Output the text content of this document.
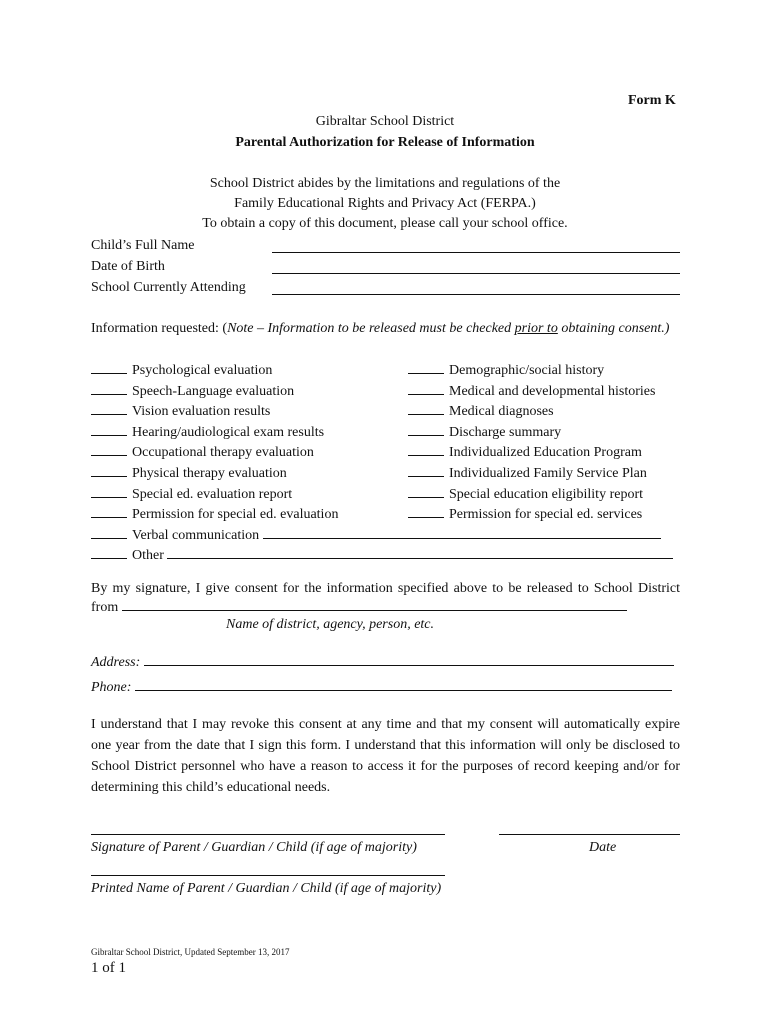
Form K
Gibraltar School District
Parental Authorization for Release of Information
School District abides by the limitations and regulations of the
Family Educational Rights and Privacy Act (FERPA.)
To obtain a copy of this document, please call your school office.
Child’s Full Name
Date of Birth
School Currently Attending
Information requested: (Note – Information to be released must be checked prior to obtaining consent.)
Psychological evaluation
Speech-Language evaluation
Vision evaluation results
Hearing/audiological exam results
Occupational therapy evaluation
Physical therapy evaluation
Special ed. evaluation report
Permission for special ed. evaluation
Demographic/social history
Medical and developmental histories
Medical diagnoses
Discharge summary
Individualized Education Program
Individualized Family Service Plan
Special education eligibility report
Permission for special ed. services
Verbal communication
Other
By my signature, I give consent for the information specified above to be released to School District from
Name of district, agency, person, etc.
Address:
Phone:
I understand that I may revoke this consent at any time and that my consent will automatically expire one year from the date that I sign this form. I understand that this information will only be disclosed to School District personnel who have a reason to access it for the purposes of record keeping and/or for determining this child’s educational needs.
Signature of Parent / Guardian / Child (if age of majority)	Date
Printed Name of Parent / Guardian / Child (if age of majority)
Gibraltar School District, Updated September 13, 2017
1 of 1
